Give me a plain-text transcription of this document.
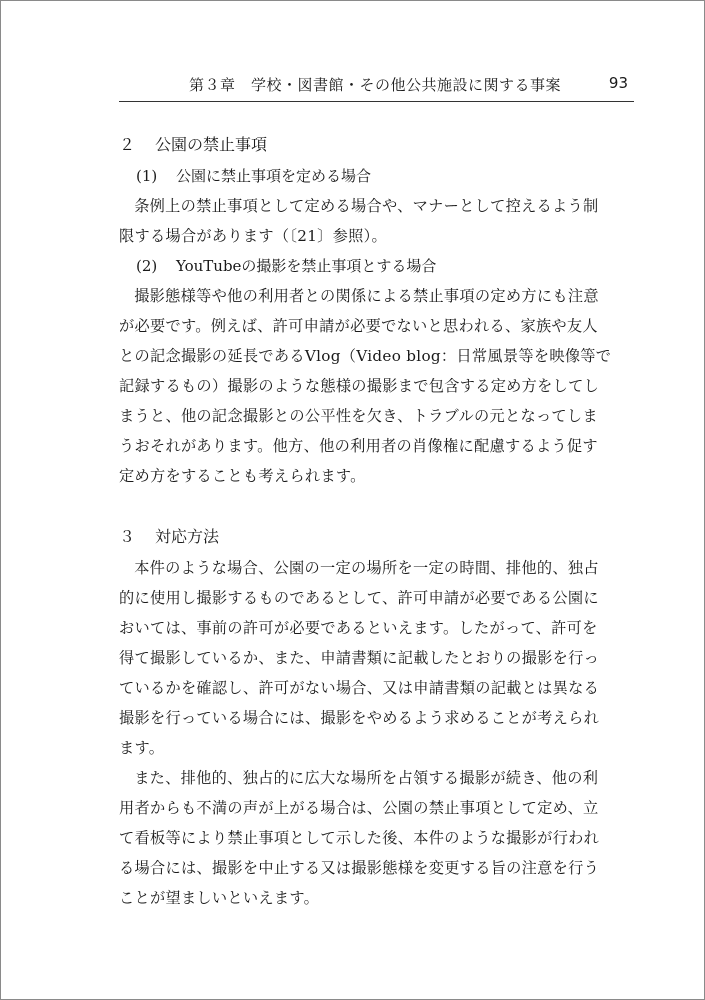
第３章　学校・図書館・その他公共施設に関する事案	93
２ 公園の禁止事項
(1) 公園に禁止事項を定める場合
条例上の禁止事項として定める場合や、マナーとして控えるよう制
限する場合があります（〔21〕参照）。
(2) YouTubeの撮影を禁止事項とする場合
撮影態様等や他の利用者との関係による禁止事項の定め方にも注意
が必要です。例えば、許可申請が必要でないと思われる、家族や友人
との記念撮影の延長であるVlog（Video blog：日常風景等を映像等で
記録するもの）撮影のような態様の撮影まで包含する定め方をしてし
まうと、他の記念撮影との公平性を欠き、トラブルの元となってしま
うおそれがあります。他方、他の利用者の肖像権に配慮するよう促す
定め方をすることも考えられます。
３ 対応方法
本件のような場合、公園の一定の場所を一定の時間、排他的、独占
的に使用し撮影するものであるとして、許可申請が必要である公園に
おいては、事前の許可が必要であるといえます。したがって、許可を
得て撮影しているか、また、申請書類に記載したとおりの撮影を行っ
ているかを確認し、許可がない場合、又は申請書類の記載とは異なる
撮影を行っている場合には、撮影をやめるよう求めることが考えられ
ます。
また、排他的、独占的に広大な場所を占領する撮影が続き、他の利
用者からも不満の声が上がる場合は、公園の禁止事項として定め、立
て看板等により禁止事項として示した後、本件のような撮影が行われ
る場合には、撮影を中止する又は撮影態様を変更する旨の注意を行う
ことが望ましいといえます。
